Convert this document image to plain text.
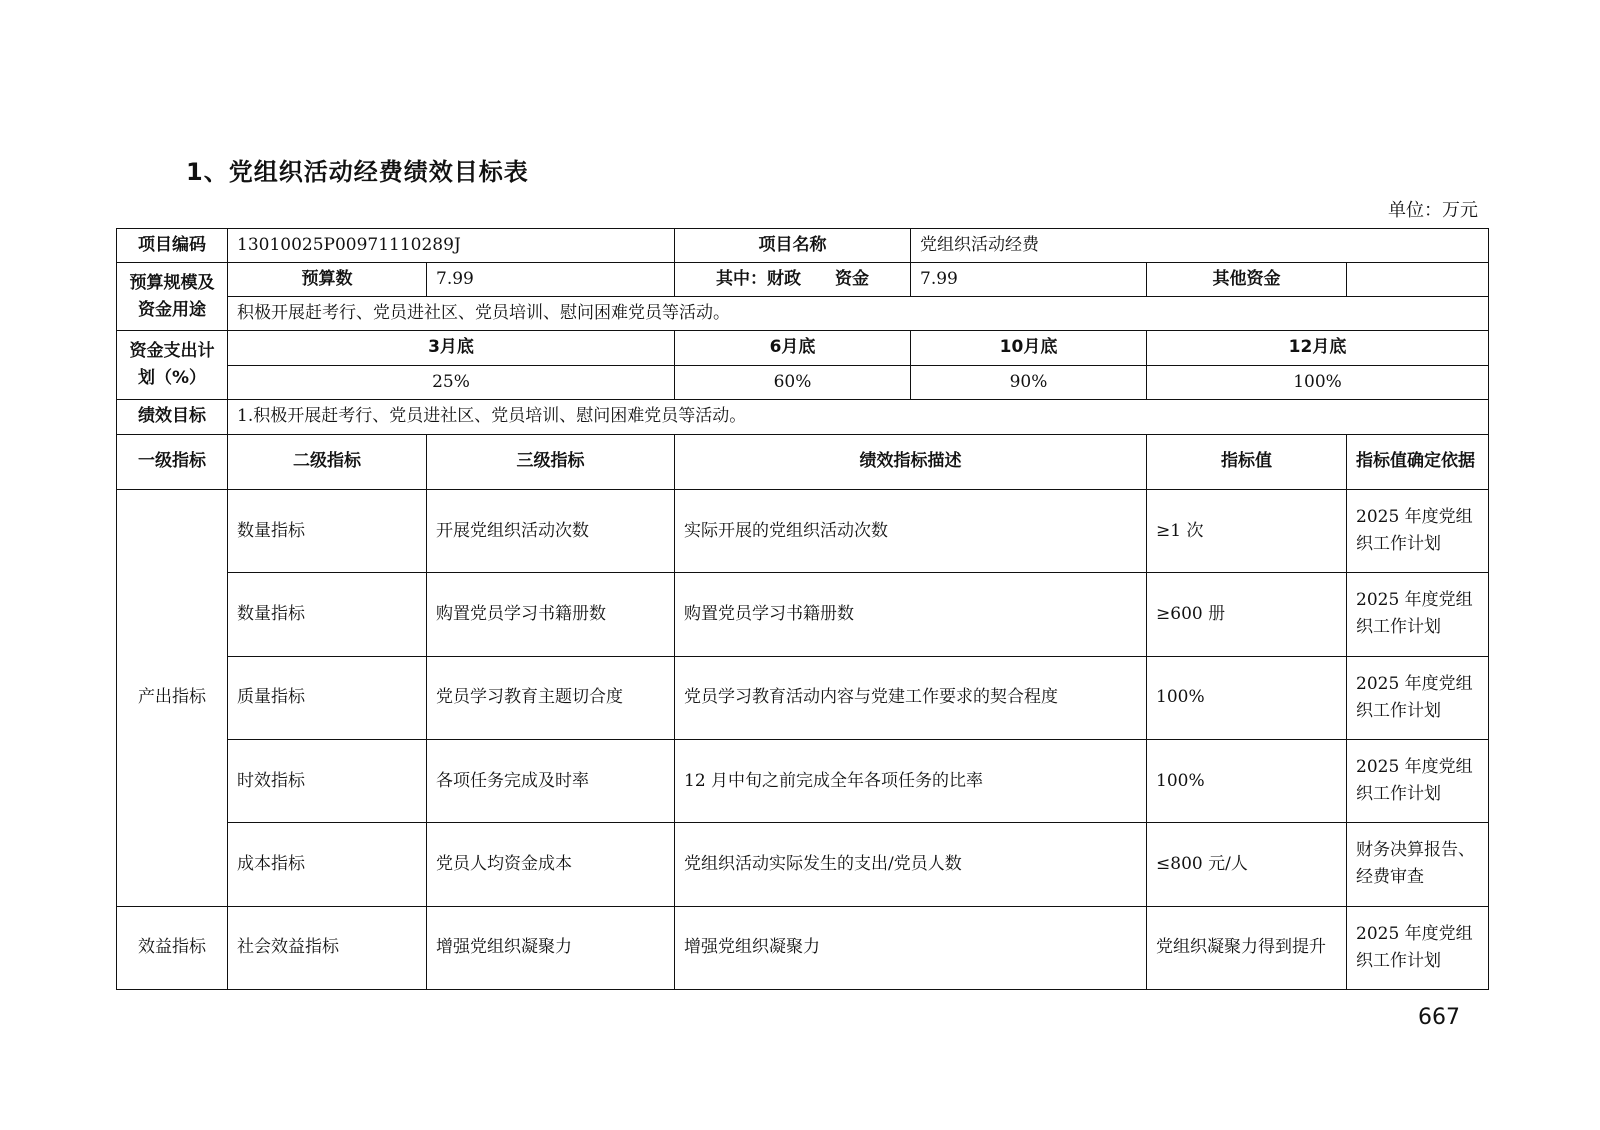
1、党组织活动经费绩效目标表
单位：万元
项目编码	13010025P00971110289J		项目名称	党组织活动经费		
预算规模及资金用途	预算数	7.99	其中：财政　　资金	7.99	其他资金	
	积极开展赶考行、党员进社区、党员培训、慰问困难党员等活动。					
资金支出计划（%）	3月底		6月底	10月底	12月底	
	25%		60%	90%	100%	
绩效目标	1.积极开展赶考行、党员进社区、党员培训、慰问困难党员等活动。					
一级指标	二级指标	三级指标	绩效指标描述		指标值	指标值确定依据
产出指标	数量指标	开展党组织活动次数	实际开展的党组织活动次数		≥1 次	2025 年度党组织工作计划
	数量指标	购置党员学习书籍册数	购置党员学习书籍册数		≥600 册	2025 年度党组织工作计划
	质量指标	党员学习教育主题切合度	党员学习教育活动内容与党建工作要求的契合程度		100%	2025 年度党组织工作计划
	时效指标	各项任务完成及时率	12 月中旬之前完成全年各项任务的比率		100%	2025 年度党组织工作计划
	成本指标	党员人均资金成本	党组织活动实际发生的支出/党员人数		≤800 元/人	财务决算报告、经费审查
效益指标	社会效益指标	增强党组织凝聚力	增强党组织凝聚力		党组织凝聚力得到提升	2025 年度党组织工作计划
667
